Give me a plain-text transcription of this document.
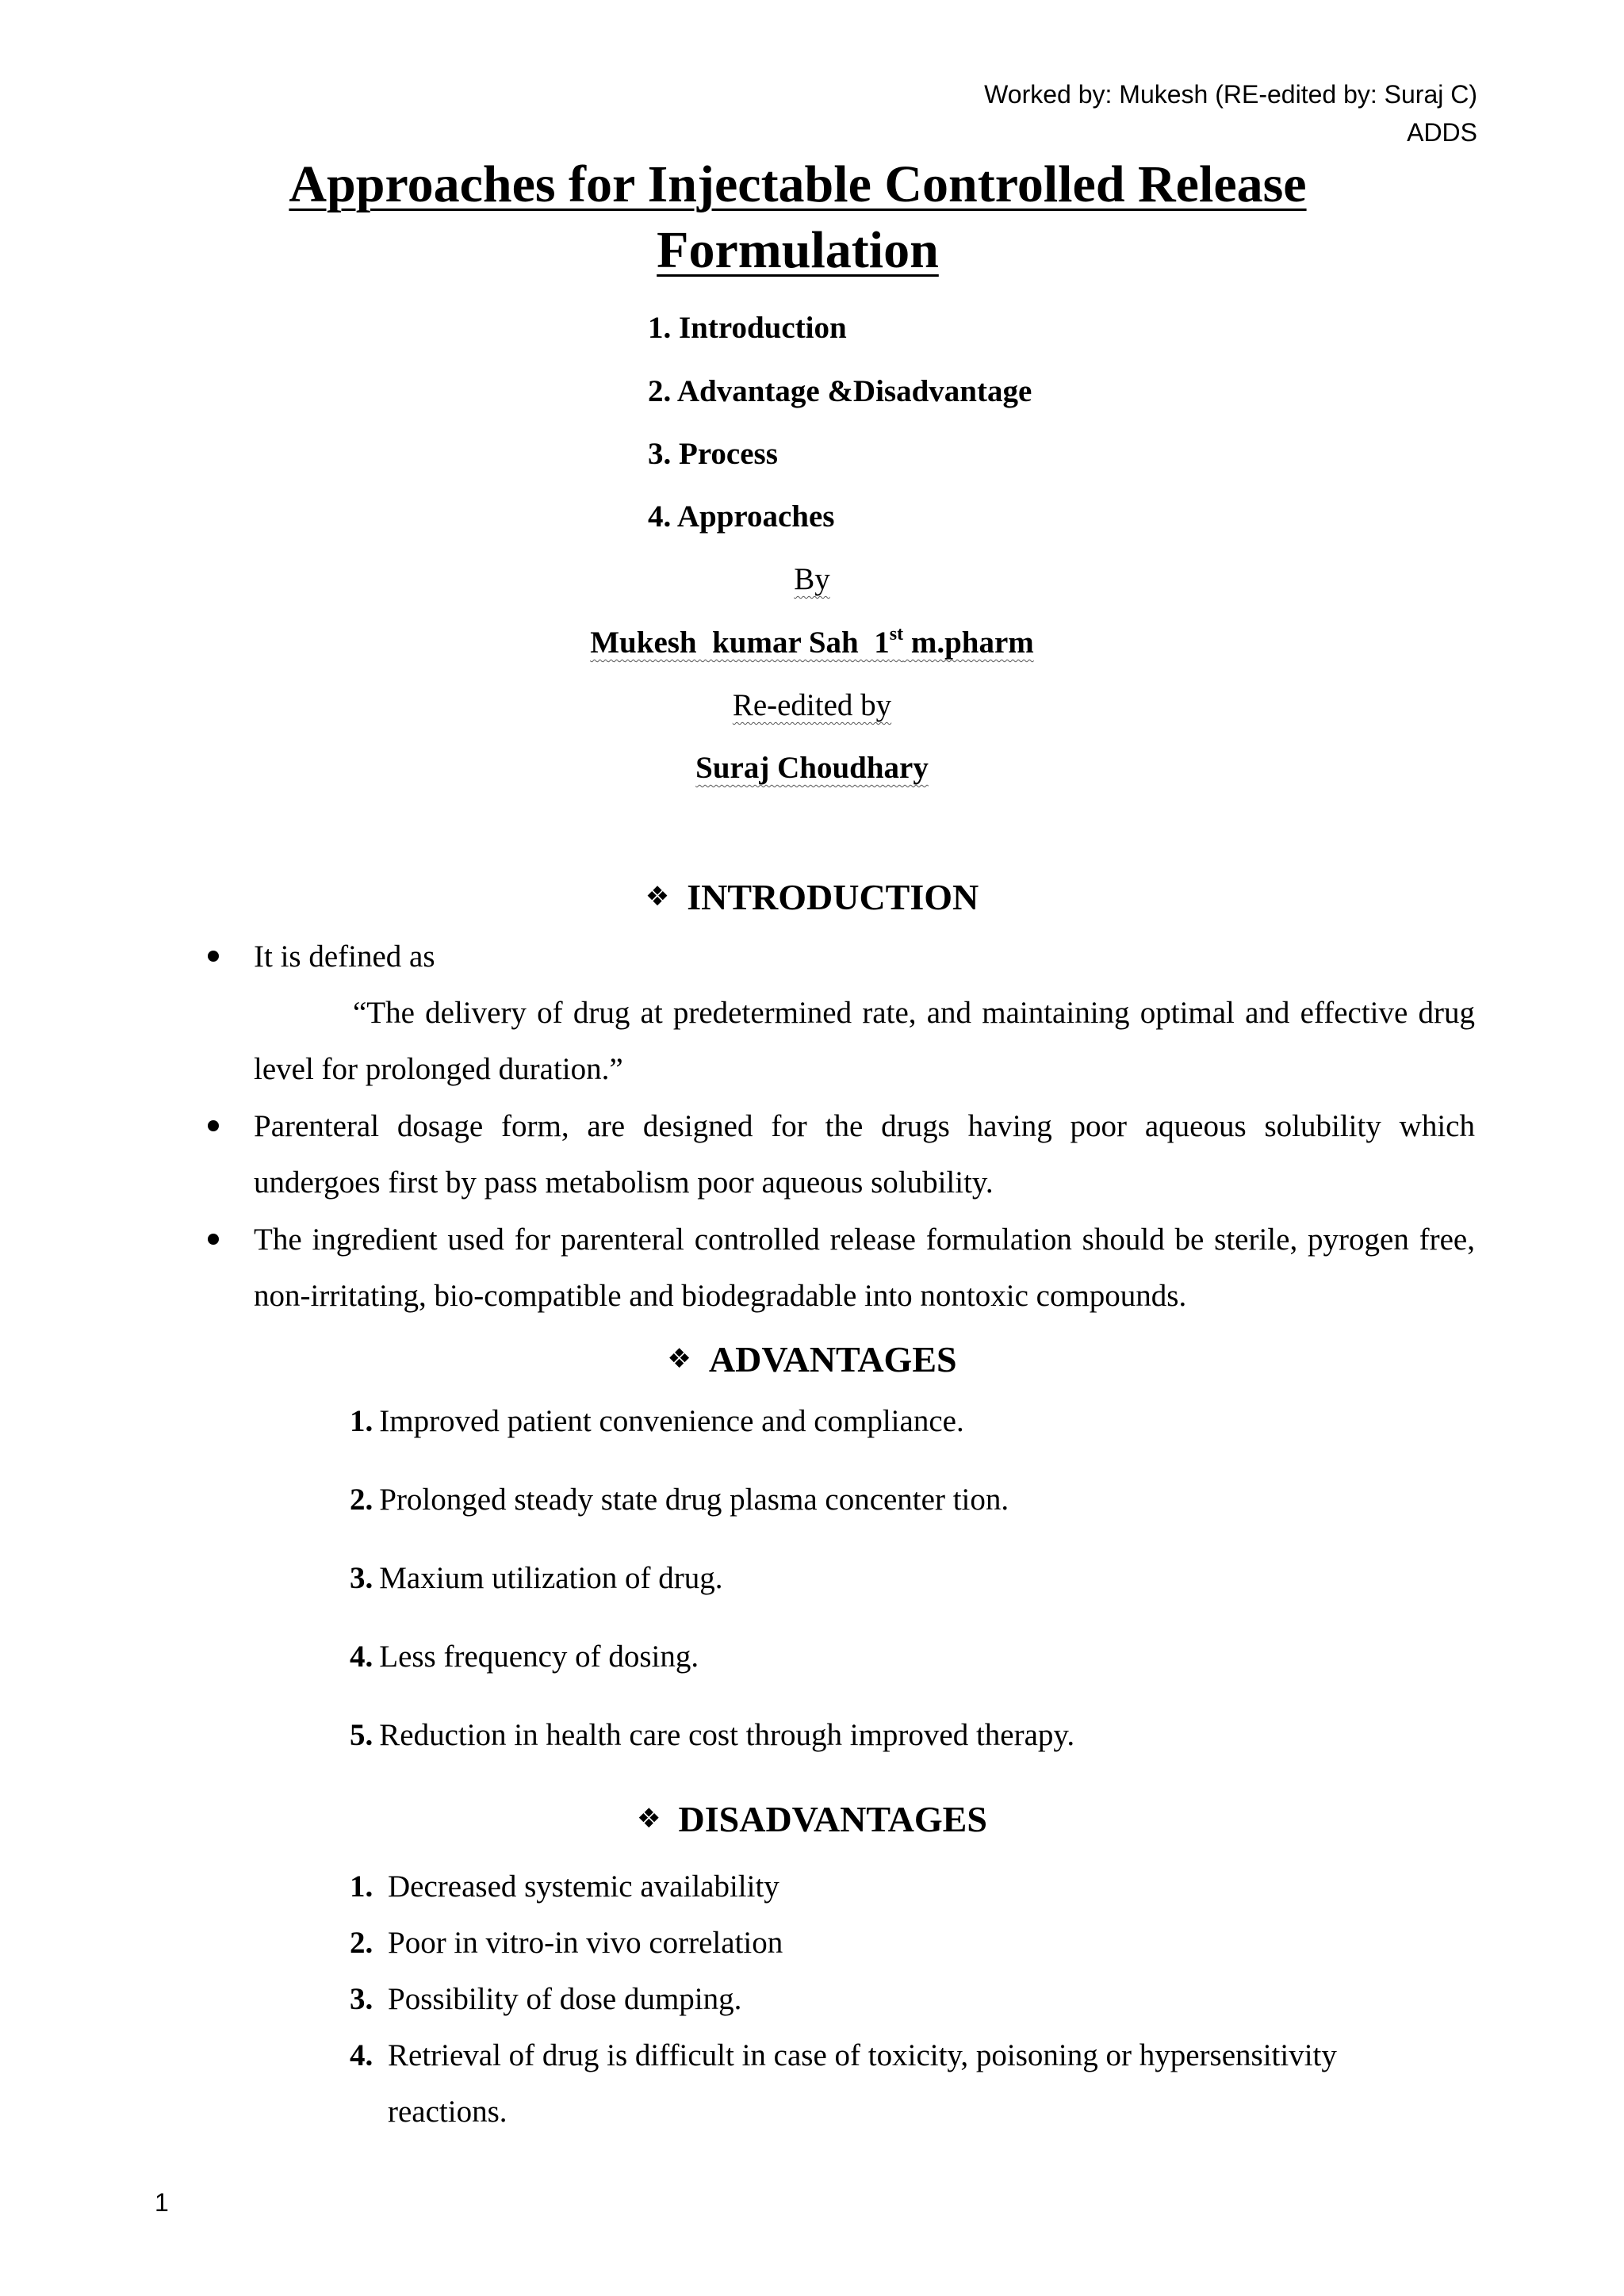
Worked by: Mukesh (RE-edited by: Suraj C)
ADDS
Approaches for Injectable Controlled Release
Formulation
1. Introduction
2. Advantage &Disadvantage
3. Process
4. Approaches
By
Mukesh  kumar Sah  1st m.pharm
Re-edited by
Suraj Choudhary
❖ INTRODUCTION
It is defined as
“The delivery of drug at predetermined rate, and maintaining optimal and effective drug level for prolonged duration.”
Parenteral dosage form, are designed for the drugs having poor aqueous solubility which undergoes first by pass metabolism poor aqueous solubility.
The ingredient used for parenteral controlled release formulation should be sterile, pyrogen free, non-irritating, bio-compatible and biodegradable into nontoxic compounds.
❖ ADVANTAGES
1. Improved patient convenience and compliance.
2. Prolonged steady state drug plasma concenter tion.
3. Maxium utilization of drug.
4. Less frequency of dosing.
5. Reduction in health care cost through improved therapy.
❖ DISADVANTAGES
1. Decreased systemic availability
2. Poor in vitro-in vivo correlation
3. Possibility of dose dumping.
4. Retrieval of drug is difficult in case of toxicity, poisoning or hypersensitivity reactions.
1
